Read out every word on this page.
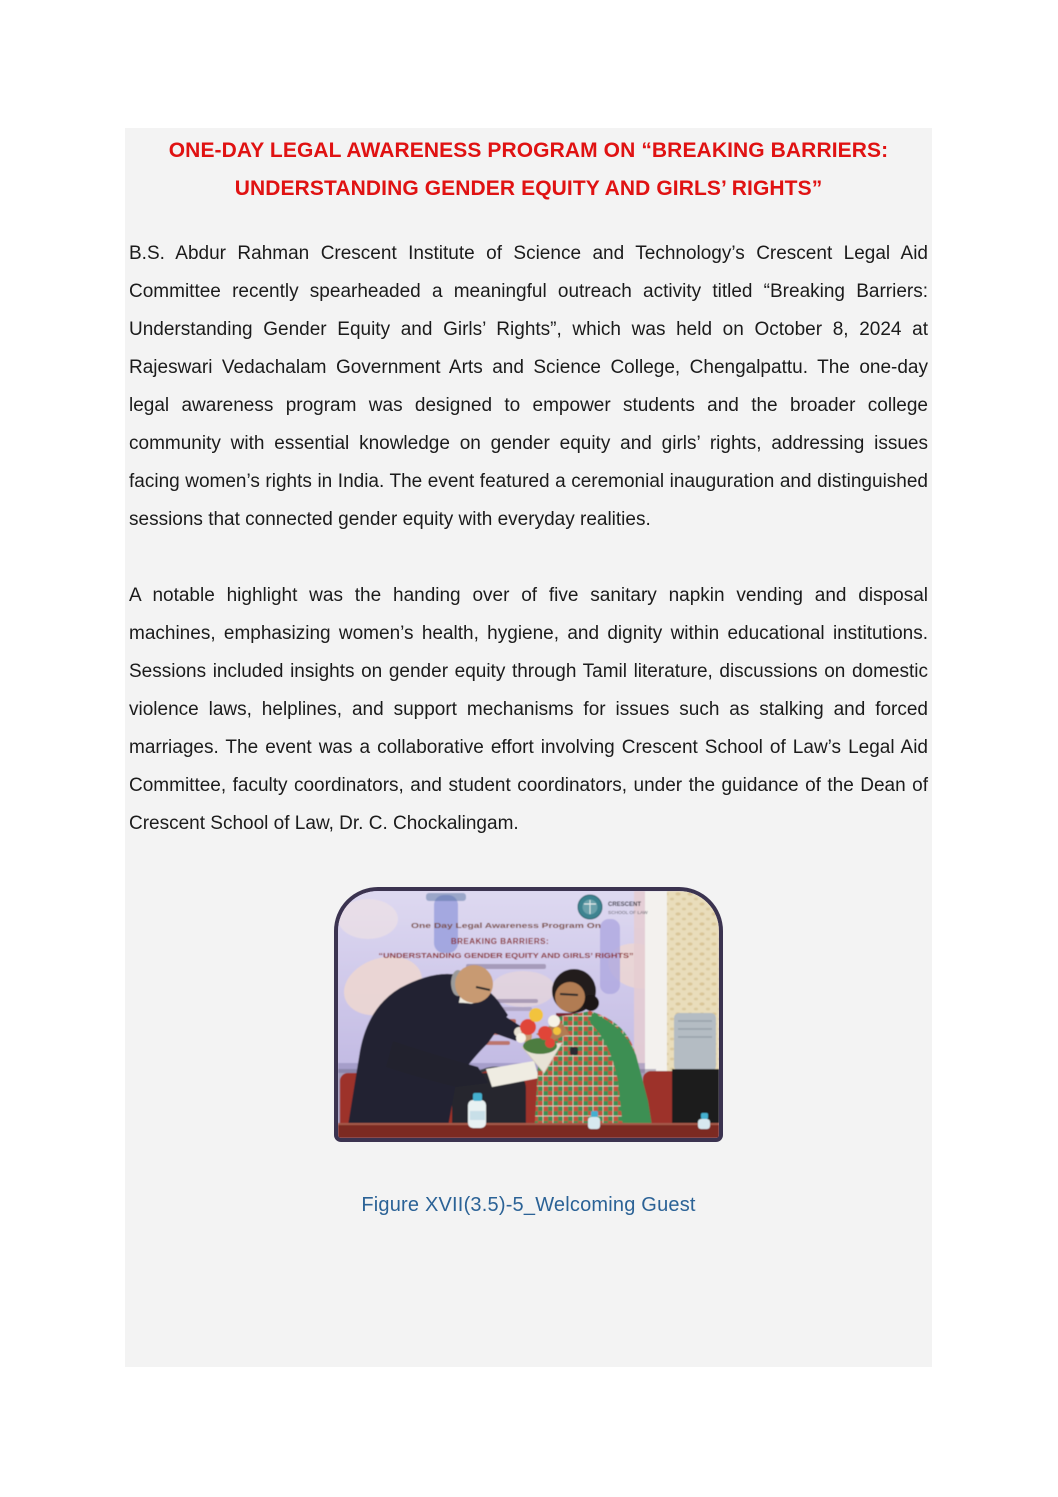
ONE-DAY LEGAL AWARENESS PROGRAM ON “BREAKING BARRIERS:
UNDERSTANDING GENDER EQUITY AND GIRLS’ RIGHTS”

B.S. Abdur Rahman Crescent Institute of Science and Technology’s Crescent Legal Aid Committee recently spearheaded a meaningful outreach activity titled “Breaking Barriers: Understanding Gender Equity and Girls’ Rights”, which was held on October 8, 2024 at Rajeswari Vedachalam Government Arts and Science College, Chengalpattu. The one-day legal awareness program was designed to empower students and the broader college community with essential knowledge on gender equity and girls’ rights, addressing issues facing women’s rights in India. The event featured a ceremonial inauguration and distinguished sessions that connected gender equity with everyday realities.

A notable highlight was the handing over of five sanitary napkin vending and disposal machines, emphasizing women’s health, hygiene, and dignity within educational institutions. Sessions included insights on gender equity through Tamil literature, discussions on domestic violence laws, helplines, and support mechanisms for issues such as stalking and forced marriages. The event was a collaborative effort involving Crescent School of Law’s Legal Aid Committee, faculty coordinators, and student coordinators, under the guidance of the Dean of Crescent School of Law, Dr. C. Chockalingam.

CRESCENT
SCHOOL OF LAW
One Day Legal Awareness Program On
BREAKING BARRIERS:
“UNDERSTANDING GENDER EQUITY AND GIRLS’ RIGHTS”
Figure XVII(3.5)-5_Welcoming Guest
